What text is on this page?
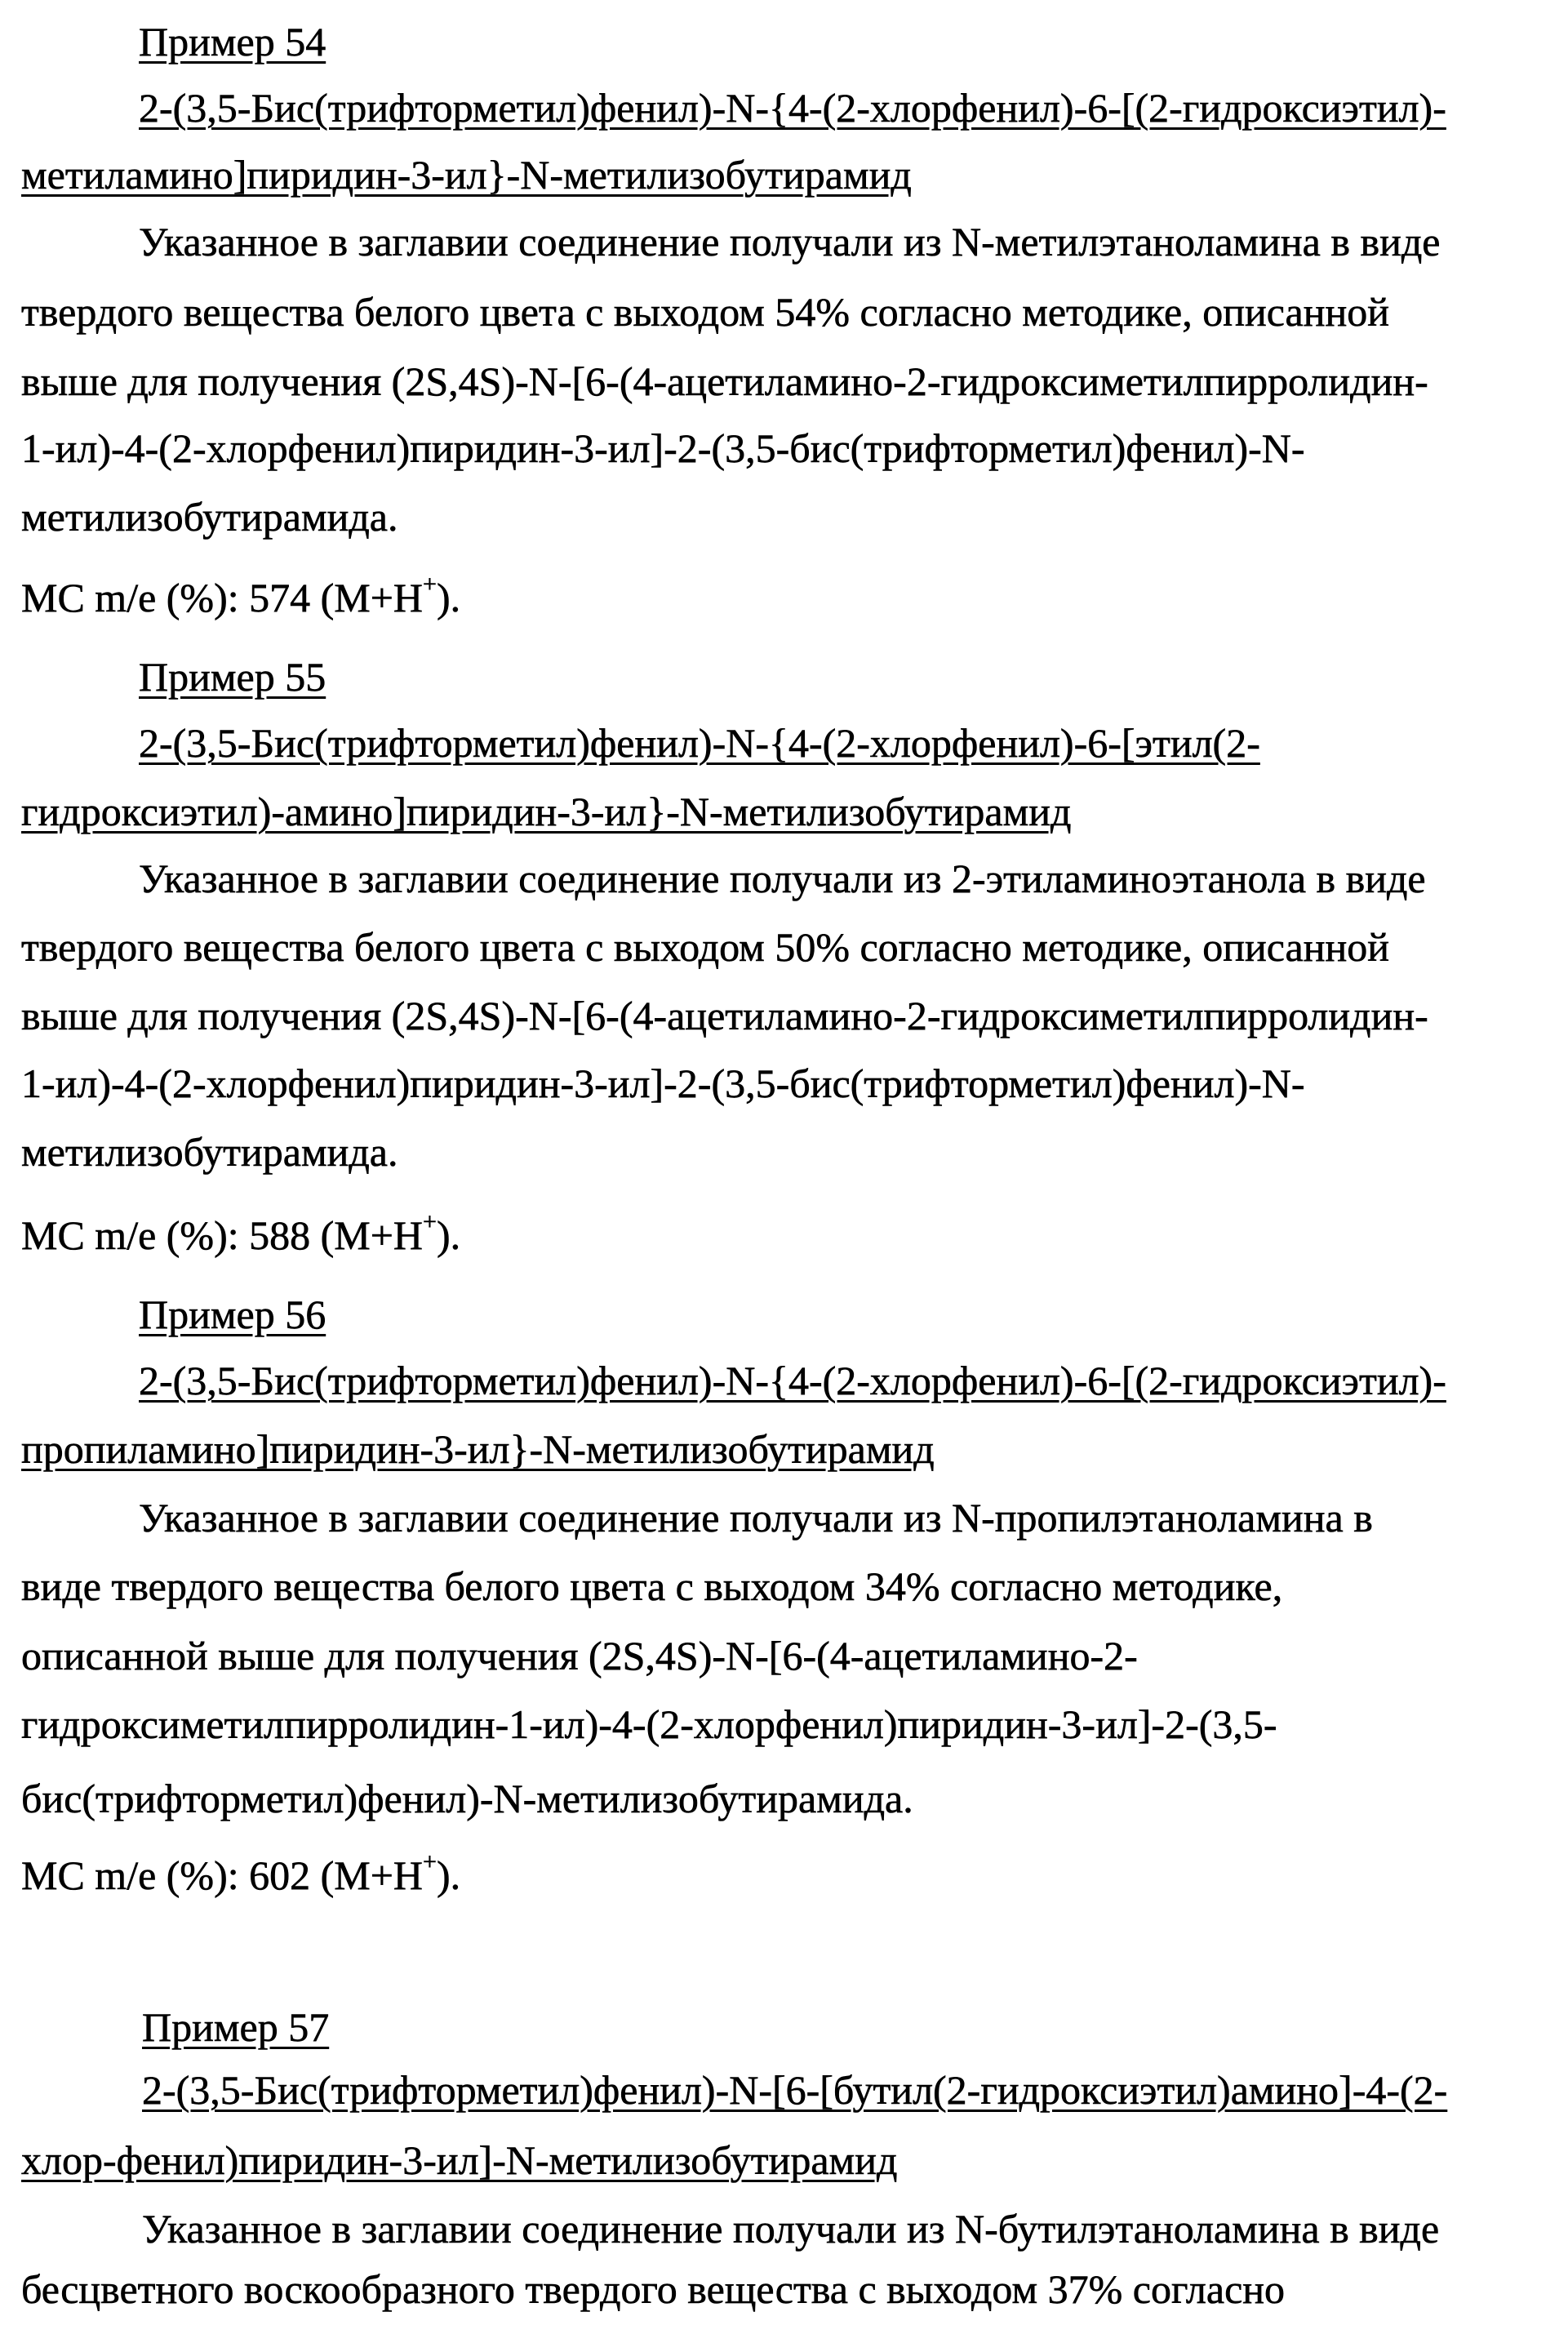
Пример 54
2-(3,5-Бис(трифторметил)фенил)-N-{4-(2-хлорфенил)-6-[(2-гидроксиэтил)-
метиламино]пиридин-3-ил}-N-метилизобутирамид
Указанное в заглавии соединение получали из N-метилэтаноламина в виде
твердого вещества белого цвета с выходом 54% согласно методике, описанной
выше для получения (2S,4S)-N-[6-(4-ацетиламино-2-гидроксиметилпирролидин-
1-ил)-4-(2-хлорфенил)пиридин-3-ил]-2-(3,5-бис(трифторметил)фенил)-N-
метилизобутирамида.
МС m/e (%): 574 (M+H+).
Пример 55
2-(3,5-Бис(трифторметил)фенил)-N-{4-(2-хлорфенил)-6-[этил(2-
гидроксиэтил)-амино]пиридин-3-ил}-N-метилизобутирамид
Указанное в заглавии соединение получали из 2-этиламиноэтанола в виде
твердого вещества белого цвета с выходом 50% согласно методике, описанной
выше для получения (2S,4S)-N-[6-(4-ацетиламино-2-гидроксиметилпирролидин-
1-ил)-4-(2-хлорфенил)пиридин-3-ил]-2-(3,5-бис(трифторметил)фенил)-N-
метилизобутирамида.
МС m/e (%): 588 (M+H+).
Пример 56
2-(3,5-Бис(трифторметил)фенил)-N-{4-(2-хлорфенил)-6-[(2-гидроксиэтил)-
пропиламино]пиридин-3-ил}-N-метилизобутирамид
Указанное в заглавии соединение получали из N-пропилэтаноламина в
виде твердого вещества белого цвета с выходом 34% согласно методике,
описанной выше для получения (2S,4S)-N-[6-(4-ацетиламино-2-
гидроксиметилпирролидин-1-ил)-4-(2-хлорфенил)пиридин-3-ил]-2-(3,5-
бис(трифторметил)фенил)-N-метилизобутирамида.
МС m/e (%): 602 (M+H+).
Пример 57
2-(3,5-Бис(трифторметил)фенил)-N-[6-[бутил(2-гидроксиэтил)амино]-4-(2-
хлор-фенил)пиридин-3-ил]-N-метилизобутирамид
Указанное в заглавии соединение получали из N-бутилэтаноламина в виде
бесцветного воскообразного твердого вещества с выходом 37% согласно
